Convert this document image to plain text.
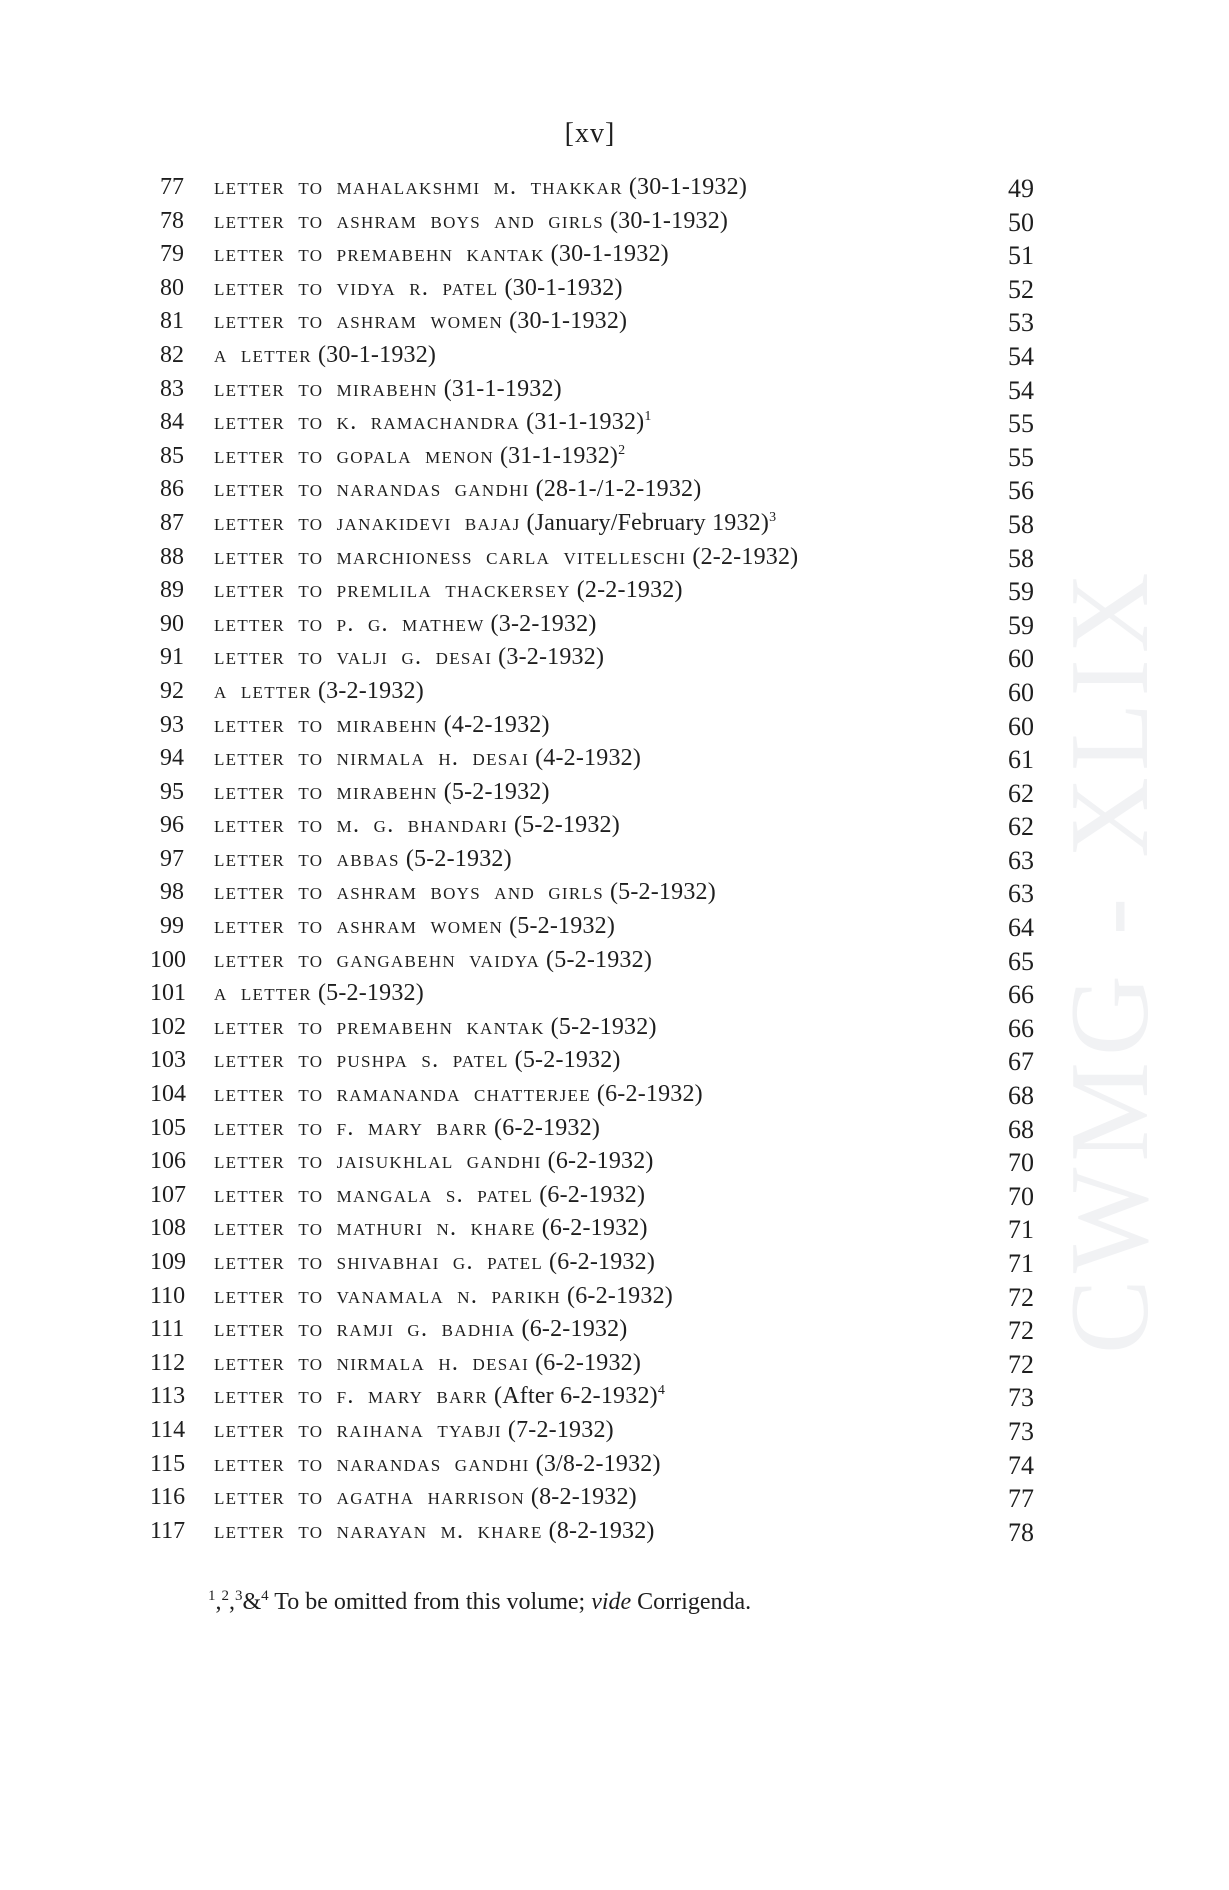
CWMG - XLIX
[xv]
77 letter to mahalakshmi m. thakkar (30-1-1932)	49
78 letter to ashram boys and girls (30-1-1932)	50
79 letter to premabehn kantak (30-1-1932)	51
80 letter to vidya r. patel (30-1-1932)	52
81 letter to ashram women (30-1-1932)	53
82 a letter (30-1-1932)	54
83 letter to mirabehn (31-1-1932)	54
84 letter to k. ramachandra $(31-1-1932)^1$	55
85 letter to gopala menon $(31-1-1932)^2$	55
86 letter to narandas gandhi (28-1-/1-2-1932)	56
87 letter to janakidevi bajaj (January/February 1932)$^3$	58
88 letter to marchioness carla vitelleschi (2-2-1932)	58
89 letter to premlila thackersey (2-2-1932)	59
90 letter to p. g. mathew (3-2-1932)	59
91 letter to valji g. desai (3-2-1932)	60
92 a letter (3-2-1932)	60
93 letter to mirabehn (4-2-1932)	60
94 letter to nirmala h. desai (4-2-1932)	61
95 letter to mirabehn (5-2-1932)	62
96 letter to m. g. bhandari (5-2-1932)	62
97 letter to abbas (5-2-1932)	63
98 letter to ashram boys and girls (5-2-1932)	63
99 letter to ashram women (5-2-1932)	64
100 letter to gangabehn vaidya (5-2-1932)	65
101 a letter (5-2-1932)	66
102 letter to premabehn kantak (5-2-1932)	66
103 letter to pushpa s. patel (5-2-1932)	67
104 letter to ramananda chatterjee (6-2-1932)	68
105 letter to f. mary barr (6-2-1932)	68
106 letter to jaisukhlal gandhi (6-2-1932)	70
107 letter to mangala s. patel (6-2-1932)	70
108 letter to mathuri n. khare (6-2-1932)	71
109 letter to shivabhai g. patel (6-2-1932)	71
110 letter to vanamala n. parikh (6-2-1932)	72
111 letter to ramji g. badhia (6-2-1932)	72
112 letter to nirmala h. desai (6-2-1932)	72
113 letter to f. mary barr (After 6-2-1932)$^4$	73
114 letter to raihana tyabji (7-2-1932)	73
115 letter to narandas gandhi (3/8-2-1932)	74
116 letter to agatha harrison (8-2-1932)	77
117 letter to narayan m. khare (8-2-1932)	78
$^1$,$^2$,$^3$&$^4$ To be omitted from this volume; vide Corrigenda.
